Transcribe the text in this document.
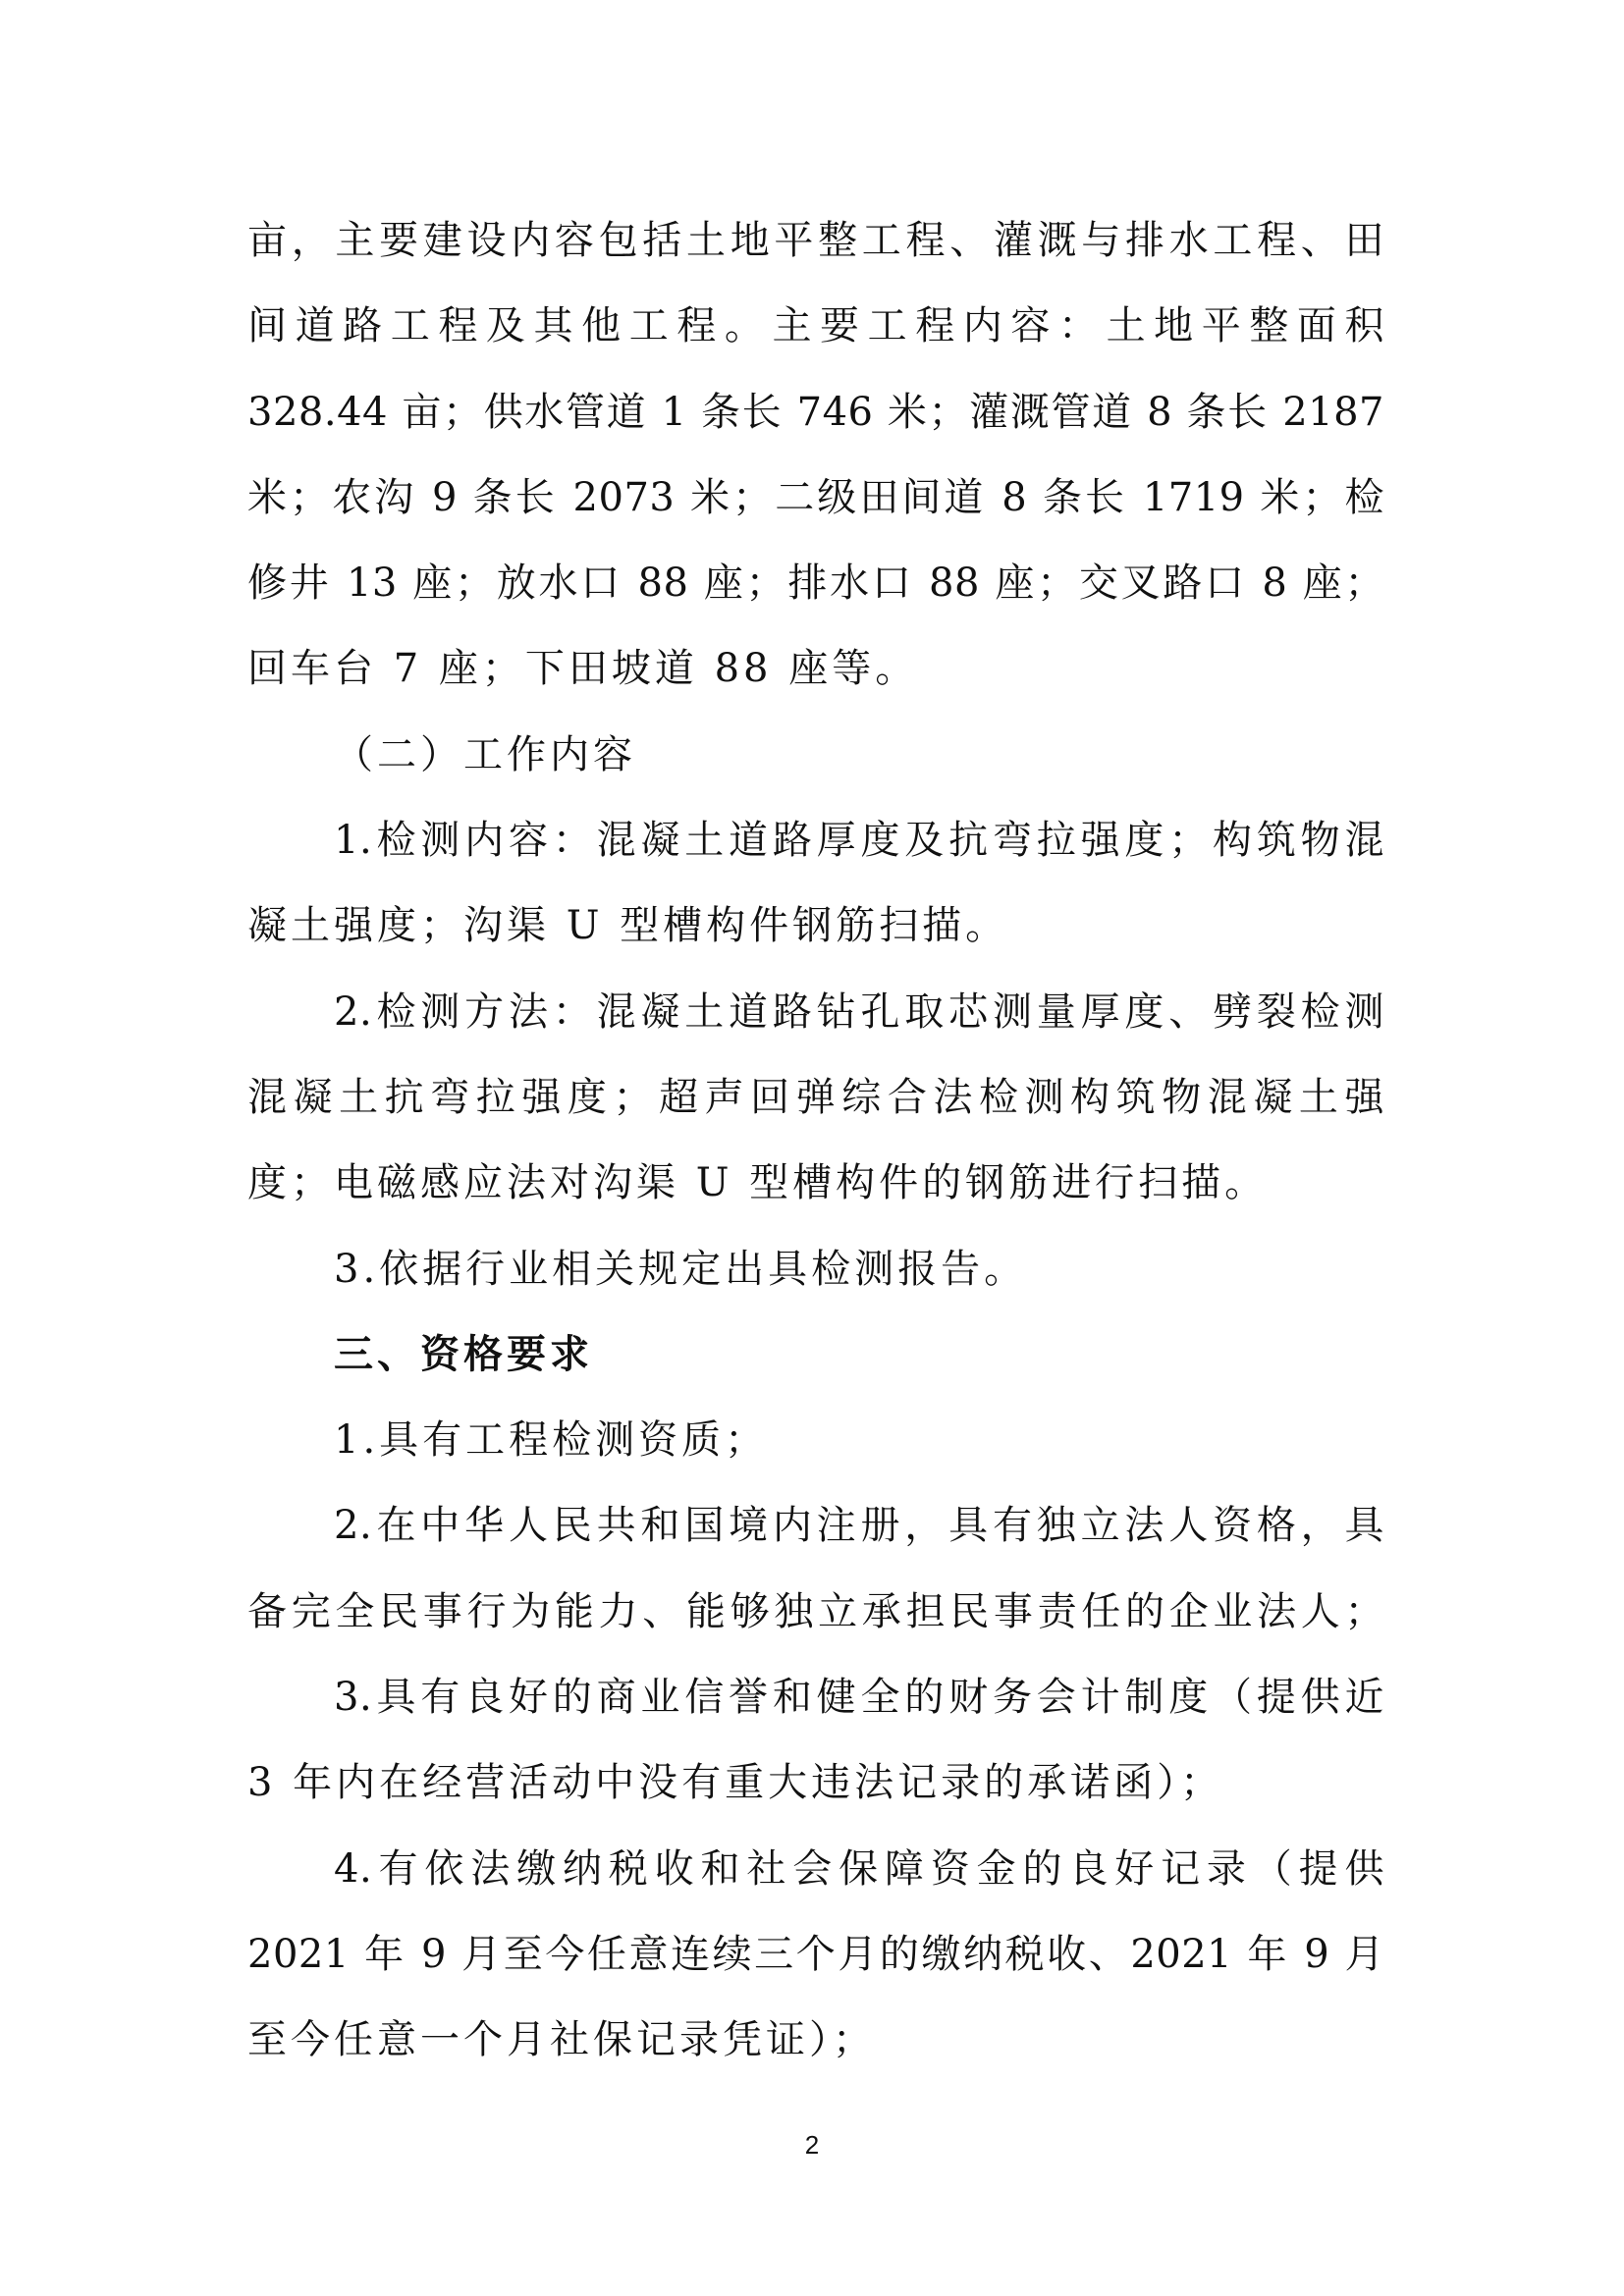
亩，主要建设内容包括土地平整工程、灌溉与排水工程、田
间道路工程及其他工程。主要工程内容：土地平整面积
328.44 亩；供水管道 1 条长 746 米；灌溉管道 8 条长 2187
米；农沟 9 条长 2073 米；二级田间道 8 条长 1719 米；检
修井 13 座；放水口 88 座；排水口 88 座；交叉路口 8 座；
回车台 7 座；下田坡道 88 座等。
（二）工作内容
1.检测内容：混凝土道路厚度及抗弯拉强度；构筑物混
凝土强度；沟渠 U 型槽构件钢筋扫描。
2.检测方法：混凝土道路钻孔取芯测量厚度、劈裂检测
混凝土抗弯拉强度；超声回弹综合法检测构筑物混凝土强
度；电磁感应法对沟渠 U 型槽构件的钢筋进行扫描。
3.依据行业相关规定出具检测报告。
三、资格要求
1.具有工程检测资质；
2.在中华人民共和国境内注册，具有独立法人资格，具
备完全民事行为能力、能够独立承担民事责任的企业法人；
3.具有良好的商业信誉和健全的财务会计制度（提供近
3 年内在经营活动中没有重大违法记录的承诺函）；
4.有依法缴纳税收和社会保障资金的良好记录（提供
2021 年 9 月至今任意连续三个月的缴纳税收、2021 年 9 月
至今任意一个月社保记录凭证）；
2
